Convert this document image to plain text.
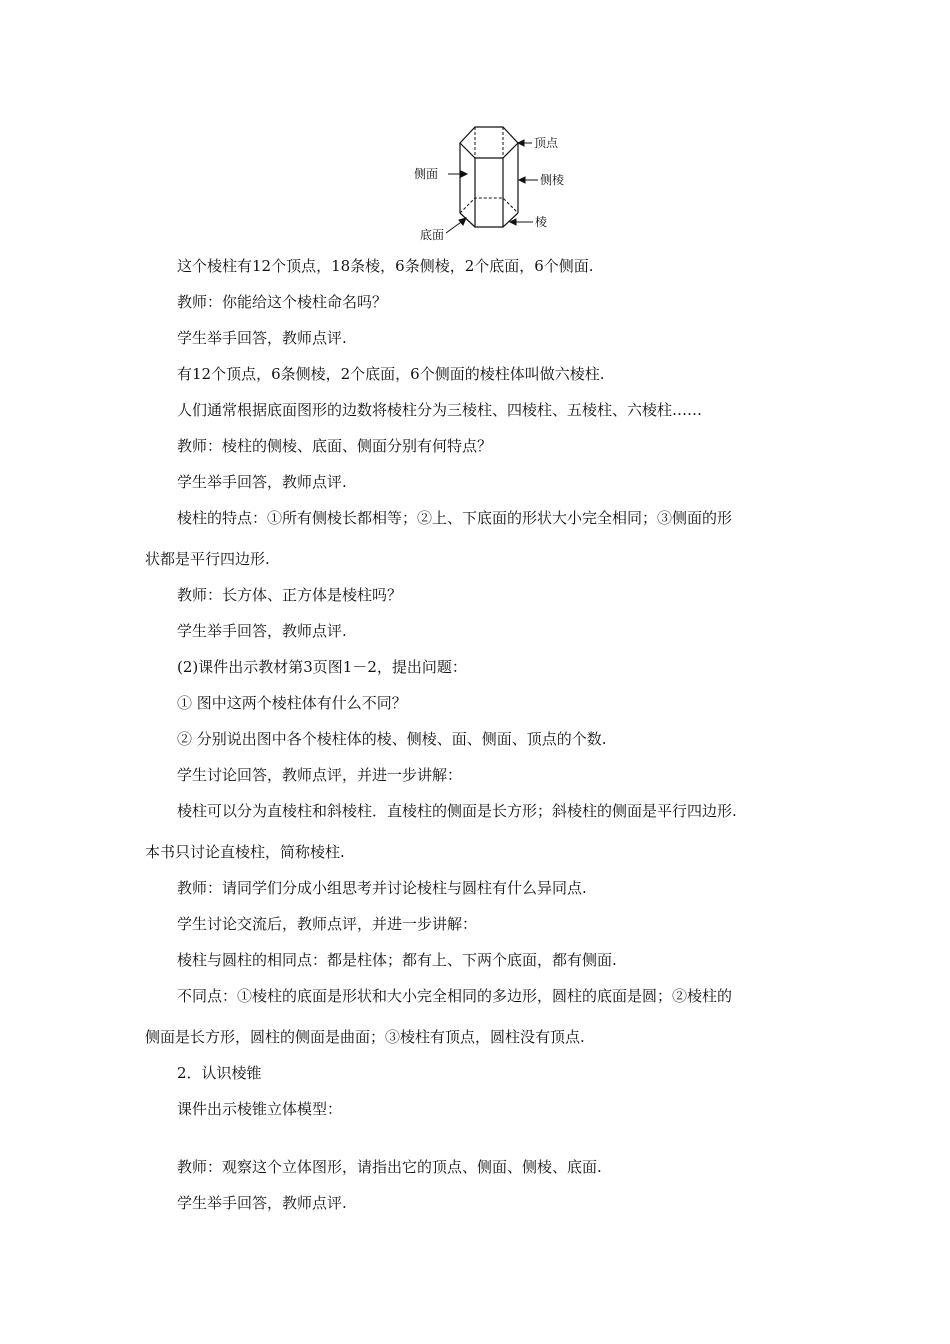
顶点
侧面	侧棱
棱
底面

这个棱柱有12个顶点，18条棱，6条侧棱，2个底面，6个侧面.

教师：你能给这个棱柱命名吗？

学生举手回答，教师点评.

有12个顶点，6条侧棱，2个底面，6个侧面的棱柱体叫做六棱柱.

人们通常根据底面图形的边数将棱柱分为三棱柱、四棱柱、五棱柱、六棱柱……

教师：棱柱的侧棱、底面、侧面分别有何特点？

学生举手回答，教师点评.

棱柱的特点：①所有侧棱长都相等；②上、下底面的形状大小完全相同；③侧面的形

状都是平行四边形.

教师：长方体、正方体是棱柱吗？

学生举手回答，教师点评.

(2)课件出示教材第3页图1－2，提出问题：

① 图中这两个棱柱体有什么不同？

② 分别说出图中各个棱柱体的棱、侧棱、面、侧面、顶点的个数.

学生讨论回答，教师点评，并进一步讲解：

棱柱可以分为直棱柱和斜棱柱．直棱柱的侧面是长方形；斜棱柱的侧面是平行四边形.

本书只讨论直棱柱，简称棱柱.

教师：请同学们分成小组思考并讨论棱柱与圆柱有什么异同点.

学生讨论交流后，教师点评，并进一步讲解：

棱柱与圆柱的相同点：都是柱体；都有上、下两个底面，都有侧面.

不同点：①棱柱的底面是形状和大小完全相同的多边形，圆柱的底面是圆；②棱柱的

侧面是长方形，圆柱的侧面是曲面；③棱柱有顶点，圆柱没有顶点.

2．认识棱锥

课件出示棱锥立体模型：

教师：观察这个立体图形，请指出它的顶点、侧面、侧棱、底面.

学生举手回答，教师点评.
